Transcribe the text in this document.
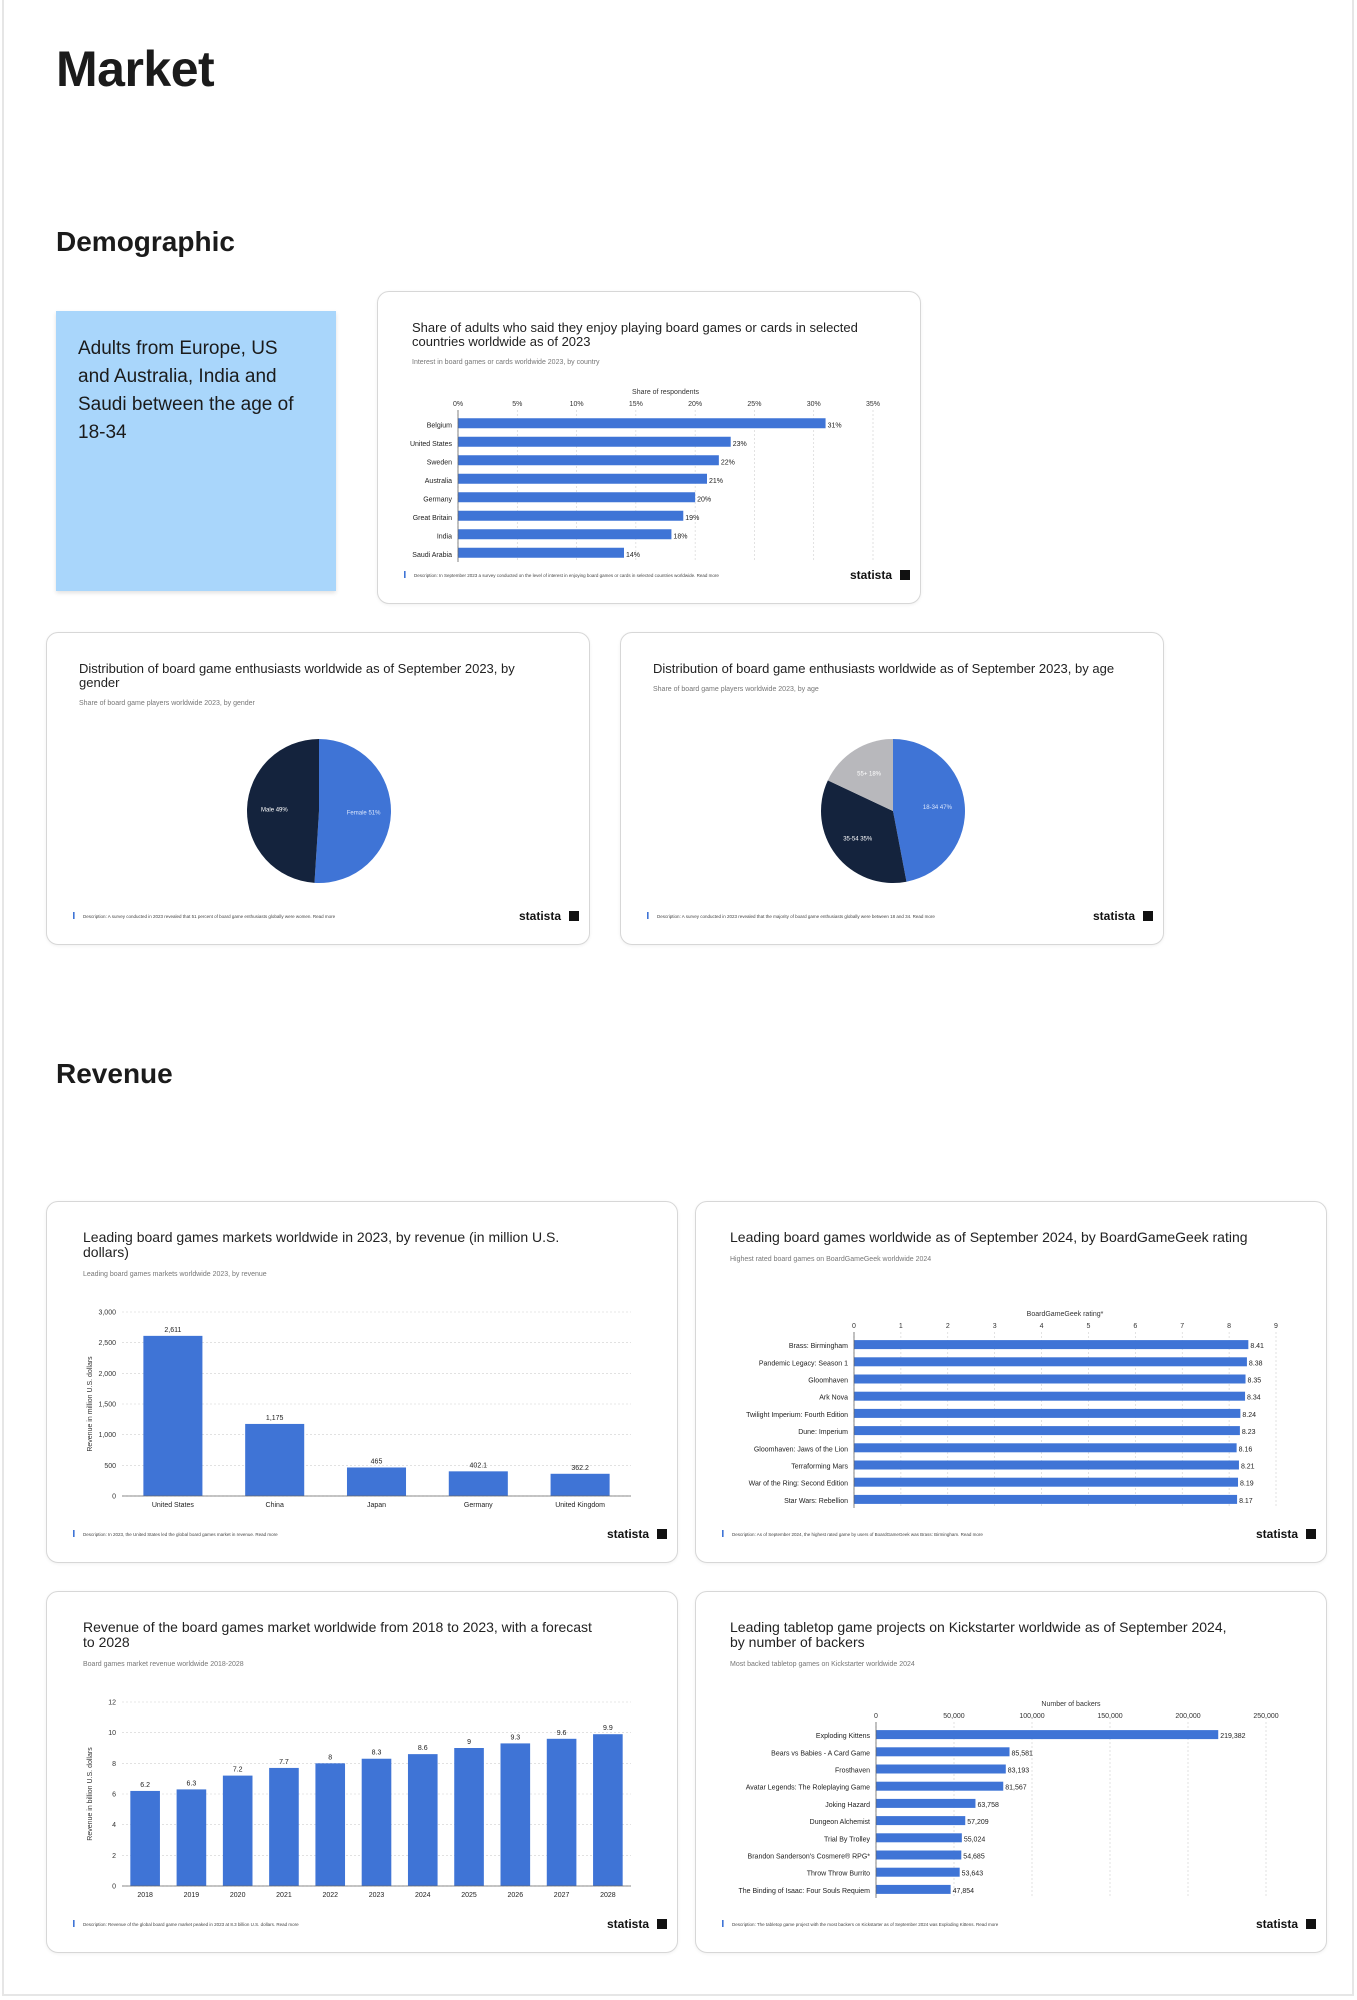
Market
Demographic
Revenue
Adults from Europe, US and Australia, India and Saudi between the age of 18-34
Share of adults who said they enjoy playing board games or cards in selected
countries worldwide as of 2023
Interest in board games or cards worldwide 2023, by country
Share of respondents
0%	5%	10%	15%	20%	25%	30%	35%
Belgium	31%
United States	23%
Sweden	22%
Australia	21%
Germany	20%
Great Britain	19%
India	18%
Saudi Arabia	14%
Description: In September 2023 a survey conducted on the level of interest in enjoying board games or cards in selected countries worldwide. Read more	statista
Distribution of board game enthusiasts worldwide as of September 2023, by
gender
Share of board game players worldwide 2023, by gender
Female 51%
Male 49%
Description: A survey conducted in 2023 revealed that 51 percent of board game enthusiasts globally were women. Read more	statista
Distribution of board game enthusiasts worldwide as of September 2023, by age
Share of board game players worldwide 2023, by age
18-34 47%
35-54 35%
55+ 18%
Description: A survey conducted in 2023 revealed that the majority of board game enthusiasts globally were between 18 and 34. Read more	statista
Leading board games markets worldwide in 2023, by revenue (in million U.S.
dollars)
Leading board games markets worldwide 2023, by revenue
0
500
1,000
1,500
2,000
2,500
3,000
Revenue in million U.S. dollars
2,611
United States
1,175
China
465
Japan
402.1
Germany
362.2
United Kingdom
Description: In 2023, the United States led the global board games market in revenue. Read more	statista
Leading board games worldwide as of September 2024, by BoardGameGeek rating
Highest rated board games on BoardGameGeek worldwide 2024
BoardGameGeek rating*
0	1	2	3	4	5	6	7	8	9
Brass: Birmingham	8.41
Pandemic Legacy: Season 1	8.38
Gloomhaven	8.35
Ark Nova	8.34
Twilight Imperium: Fourth Edition	8.24
Dune: Imperium	8.23
Gloomhaven: Jaws of the Lion	8.16
Terraforming Mars	8.21
War of the Ring: Second Edition	8.19
Star Wars: Rebellion	8.17
Description: As of September 2024, the highest rated game by users of BoardGameGeek was Brass: Birmingham. Read more	statista
Revenue of the board games market worldwide from 2018 to 2023, with a forecast
to 2028
Board games market revenue worldwide 2018-2028
0
2
4
6
8
10
12
Revenue in billion U.S. dollars	6.2
2018
6.3
2019
7.2
2020
7.7
2021
8
2022
8.3
2023
8.6
2024
9
2025
9.3
2026
9.6
2027
9.9
2028
Description: Revenue of the global board game market peaked in 2023 at 8.3 billion U.S. dollars. Read more	statista
Leading tabletop game projects on Kickstarter worldwide as of September 2024,
by number of backers
Most backed tabletop games on Kickstarter worldwide 2024
Number of backers
0	50,000	100,000	150,000	200,000	250,000
Exploding Kittens	219,382
Bears vs Babies - A Card Game	85,581
Frosthaven	83,193
Avatar Legends: The Roleplaying Game	81,567
Joking Hazard	63,758
Dungeon Alchemist	57,209
Trial By Trolley	55,024
Brandon Sanderson's Cosmere® RPG*	54,685
Throw Throw Burrito	53,643
The Binding of Isaac: Four Souls Requiem	47,854
Description: The tabletop game project with the most backers on Kickstarter as of September 2024 was Exploding Kittens. Read more	statista
